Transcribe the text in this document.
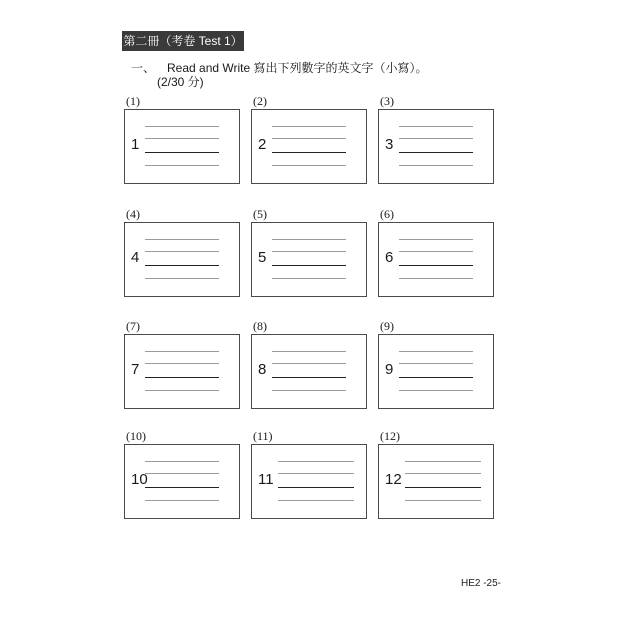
第二冊（考卷 Test 1）
一、 Read and Write 寫出下列數字的英文字（小寫）。
(2/30 分)
(1)
1
(2)
2
(3)
3
(4)
4
(5)
5
(6)
6
(7)
7
(8)
8
(9)
9
(10)
10
(11)
11
(12)
12
HE2 -25-
